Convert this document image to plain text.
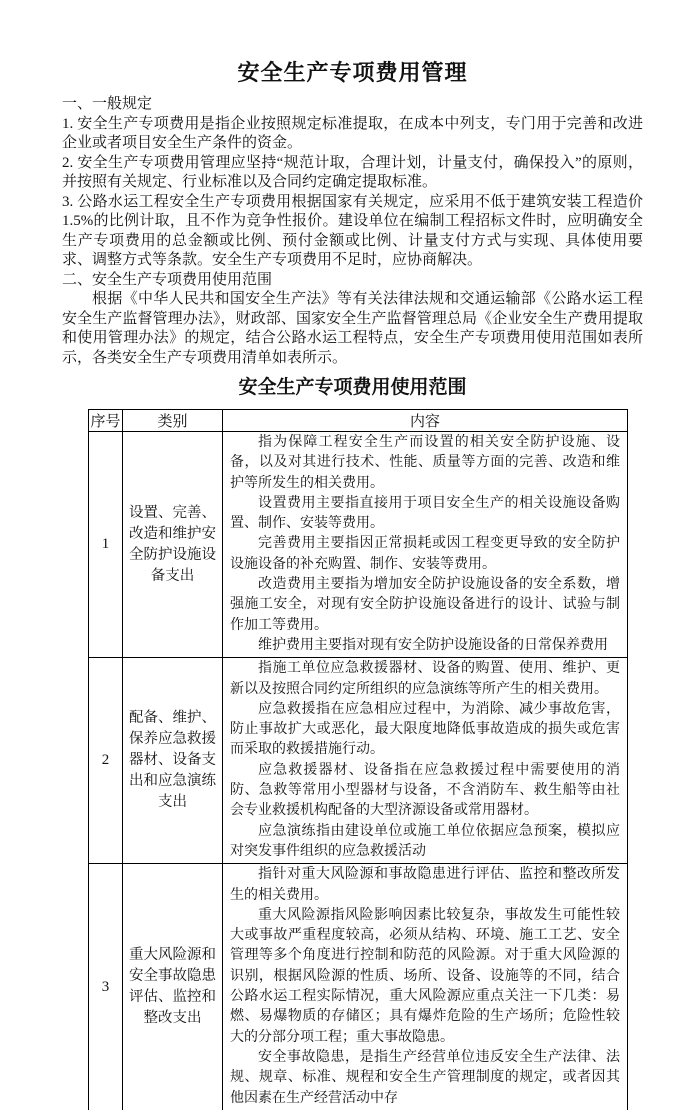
安全生产专项费用管理

一、一般规定

1. 安全生产专项费用是指企业按照规定标准提取，在成本中列支，专门用于完善和改进企业或者项目安全生产条件的资金。

2. 安全生产专项费用管理应坚持“规范计取，合理计划，计量支付，确保投入”的原则，并按照有关规定、行业标准以及合同约定确定提取标准。

3. 公路水运工程安全生产专项费用根据国家有关规定，应采用不低于建筑安装工程造价1.5%的比例计取，且不作为竞争性报价。建设单位在编制工程招标文件时，应明确安全生产专项费用的总金额或比例、预付金额或比例、计量支付方式与实现、具体使用要求、调整方式等条款。安全生产专项费用不足时，应协商解决。

二、安全生产专项费用使用范围

根据《中华人民共和国安全生产法》等有关法律法规和交通运输部《公路水运工程安全生产监督管理办法》，财政部、国家安全生产监督管理总局《企业安全生产费用提取和使用管理办法》的规定，结合公路水运工程特点，安全生产专项费用使用范围如表所示，各类安全生产专项费用清单如表所示。

安全生产专项费用使用范围
序号	类别	内容
1	设置、完善、改造和维护安全防护设施设备支出	指为保障工程安全生产而设置的相关安全防护设施、设备，以及对其进行技术、性能、质量等方面的完善、改造和维护等所发生的相关费用。

设置费用主要指直接用于项目安全生产的相关设施设备购置、制作、安装等费用。

完善费用主要指因正常损耗或因工程变更导致的安全防护设施设备的补充购置、制作、安装等费用。

改造费用主要指为增加安全防护设施设备的安全系数，增强施工安全，对现有安全防护设施设备进行的设计、试验与制作加工等费用。

维护费用主要指对现有安全防护设施设备的日常保养费用

2	配备、维护、保养应急救援器材、设备支出和应急演练支出	指施工单位应急救援器材、设备的购置、使用、维护、更新以及按照合同约定所组织的应急演练等所产生的相关费用。

应急救援指在应急相应过程中，为消除、减少事故危害，防止事故扩大或恶化，最大限度地降低事故造成的损失或危害而采取的救援措施行动。

应急救援器材、设备指在应急救援过程中需要使用的消防、急救等常用小型器材与设备，不含消防车、救生船等由社会专业救援机构配备的大型济源设备或常用器材。

应急演练指由建设单位或施工单位依据应急预案，模拟应对突发事件组织的应急救援活动

3	重大风险源和安全事故隐患评估、监控和整改支出	指针对重大风险源和事故隐患进行评估、监控和整改所发生的相关费用。

重大风险源指风险影响因素比较复杂，事故发生可能性较大或事故严重程度较高，必须从结构、环境、施工工艺、安全管理等多个角度进行控制和防范的风险源。对于重大风险源的识别，根据风险源的性质、场所、设备、设施等的不同，结合公路水运工程实际情况，重大风险源应重点关注一下几类：易燃、易爆物质的存储区；具有爆炸危险的生产场所；危险性较大的分部分项工程；重大事故隐患。

安全事故隐患，是指生产经营单位违反安全生产法律、法规、规章、标准、规程和安全生产管理制度的规定，或者因其他因素在生产经营活动中存
